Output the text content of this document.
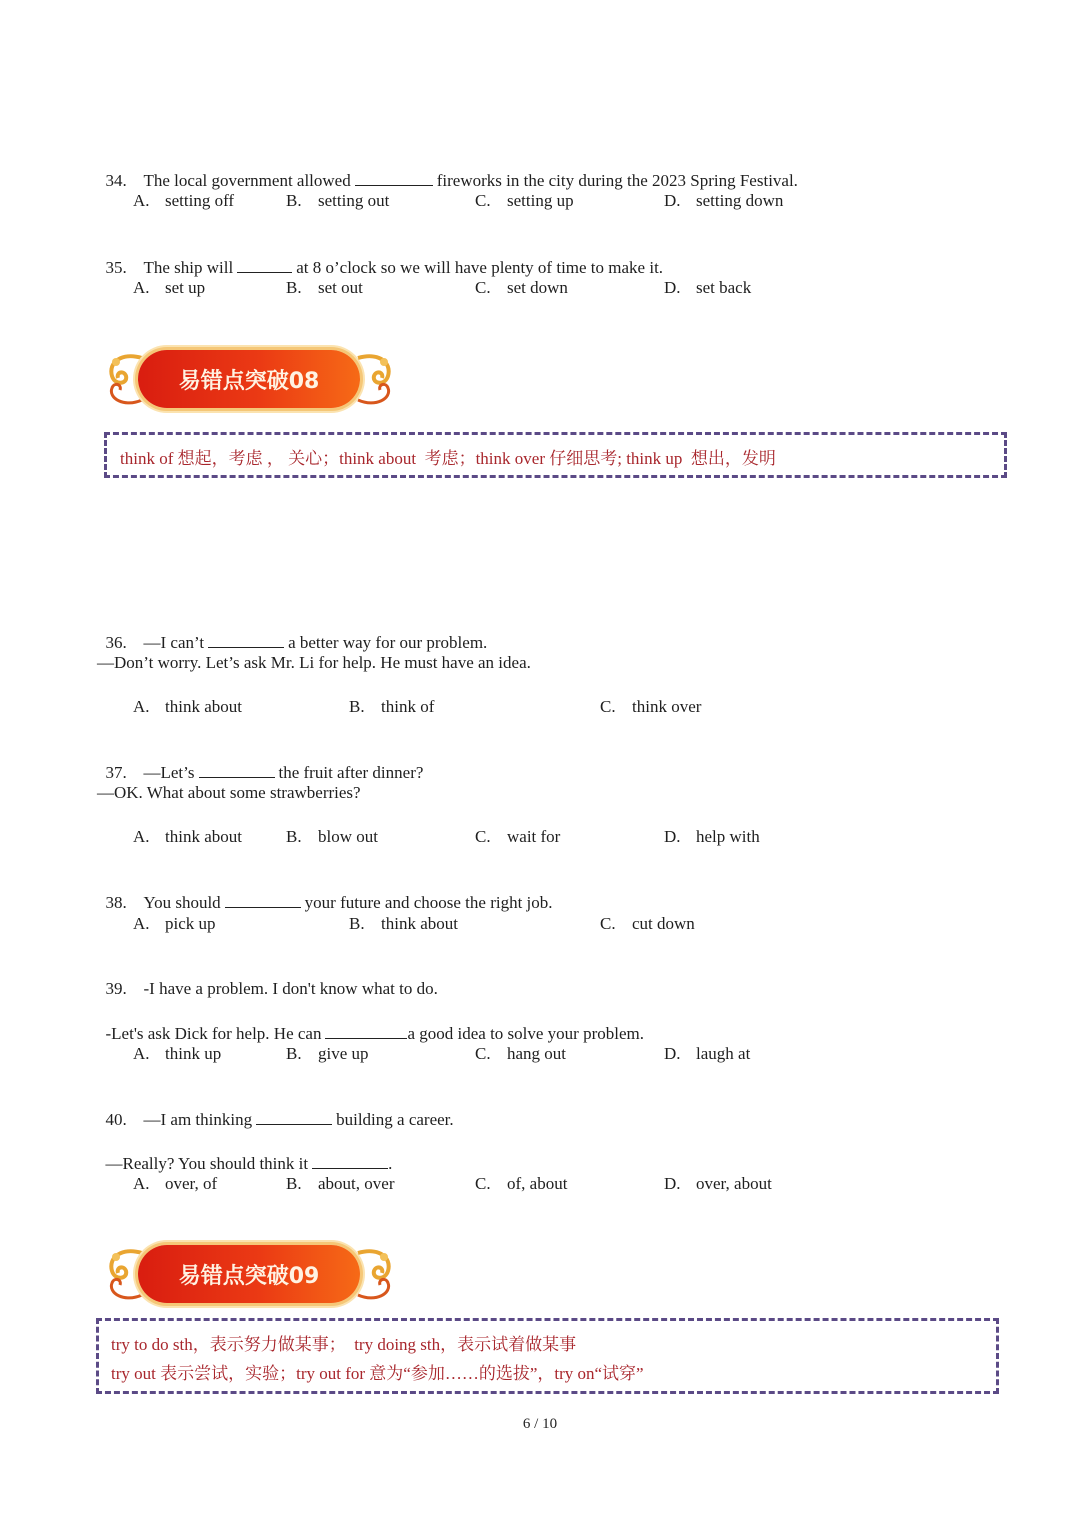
34. The local government allowed	fireworks in the city during the 2023 Spring Festival.

A. setting off	B. setting out	C. setting up	D. setting down

35. The ship will	at 8 o’clock so we will have plenty of time to make it.

A. set up	B. set out	C. set down	D. set back
易错点突破08
think of 想起，考虑 ， 关心；think about  考虑；think over 仔细思考; think up  想出，发明

36. —I can’t	a better way for our problem.

—Don’t worry. Let’s ask Mr. Li for help. He must have an idea.
A. think about	B. think of	C. think over

37. —Let’s	the fruit after dinner?

—OK. What about some strawberries?
A. think about	B. blow out	C. wait for	D. help with

38. You should	your future and choose the right job.

A. pick up	B. think about	C. cut down

39. -I have a problem. I don't know what to do.

-Let's ask Dick for help. He can	a good idea to solve your problem.

A. think up	B. give up	C. hang out	D. laugh at

40. —I am thinking	building a career.

—Really? You should think it	.

A. over, of	B. about, over	C. of, about	D. over, about
易错点突破09
try to do sth，表示努力做某事；  try doing sth，表示试着做某事
try out 表示尝试，实验；try out for 意为“参加……的选拔”，try on“试穿”
6 / 10
